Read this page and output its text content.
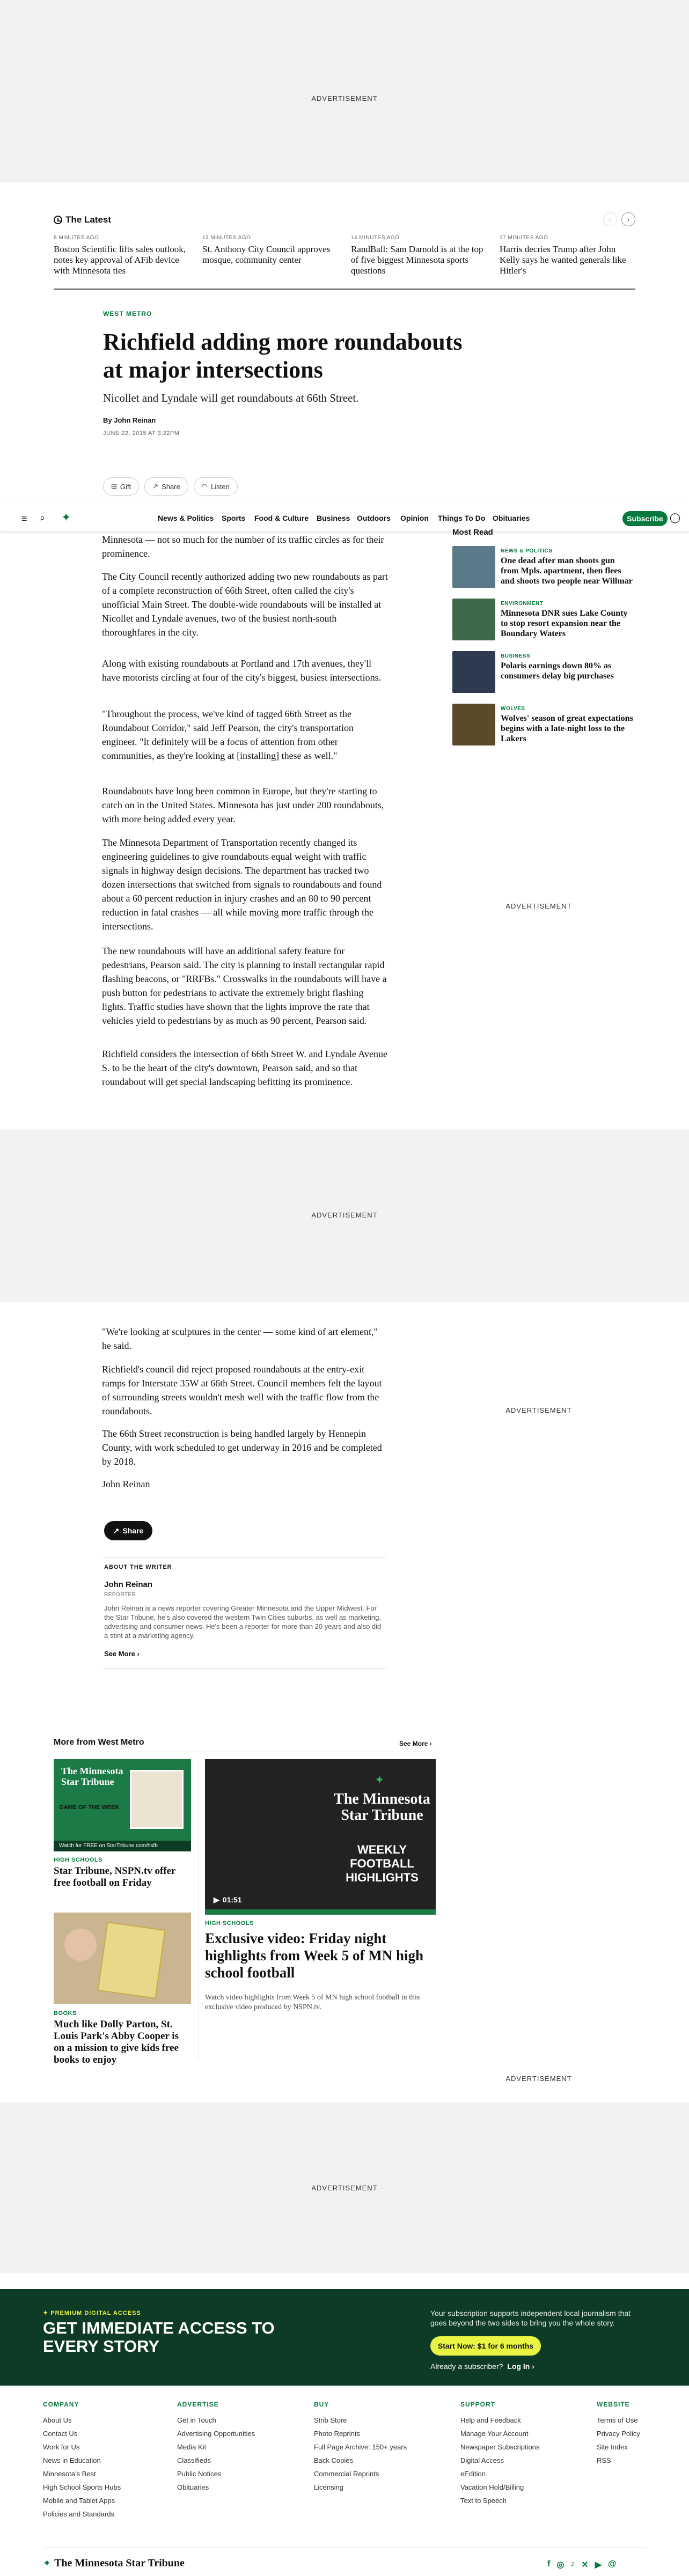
ADVERTISEMENT
The Latest	‹	›
8 MINUTES AGO
Boston Scientific lifts sales outlook, notes key approval of AFib device with Minnesota ties
13 MINUTES AGO
St. Anthony City Council approves mosque, community center
14 MINUTES AGO
RandBall: Sam Darnold is at the top of five biggest Minnesota sports questions
17 MINUTES AGO
Harris decries Trump after John Kelly says he wanted generals like Hitler's
WEST METRO
Richfield adding more roundabouts at major intersections
Nicollet and Lyndale will get roundabouts at 66th Street.
By John Reinan
JUNE 22, 2015 AT 3:22PM
⊞ Gift	↗ Share	◠ Listen
≡ ⌕ ✦	News & Politics Sports Food & Culture Business Outdoors Opinion Things To Do Obituaries	Subscribe ◯
Minnesota — not so much for the number of its traffic circles as for their prominence.
The City Council recently authorized adding two new roundabouts as part of a complete reconstruction of 66th Street, often called the city's unofficial Main Street. The double-wide roundabouts will be installed at Nicollet and Lyndale avenues, two of the busiest north-south thoroughfares in the city.
Along with existing roundabouts at Portland and 17th avenues, they'll have motorists circling at four of the city's biggest, busiest intersections.
"Throughout the process, we've kind of tagged 66th Street as the Roundabout Corridor," said Jeff Pearson, the city's transportation engineer. "It definitely will be a focus of attention from other communities, as they're looking at [installing] these as well."
Roundabouts have long been common in Europe, but they're starting to catch on in the United States. Minnesota has just under 200 roundabouts, with more being added every year.
The Minnesota Department of Transportation recently changed its engineering guidelines to give roundabouts equal weight with traffic signals in highway design decisions. The department has tracked two dozen intersections that switched from signals to roundabouts and found about a 60 percent reduction in injury crashes and an 80 to 90 percent reduction in fatal crashes — all while moving more traffic through the intersections.
The new roundabouts will have an additional safety feature for pedestrians, Pearson said. The city is planning to install rectangular rapid flashing beacons, or "RRFBs." Crosswalks in the roundabouts will have a push button for pedestrians to activate the extremely bright flashing lights. Traffic studies have shown that the lights improve the rate that vehicles yield to pedestrians by as much as 90 percent, Pearson said.
Richfield considers the intersection of 66th Street W. and Lyndale Avenue S. to be the heart of the city's downtown, Pearson said, and so that roundabout will get special landscaping befitting its prominence.
Most Read
NEWS & POLITICS
One dead after man shoots gun from Mpls. apartment, then flees and shoots two people near Willmar
ENVIRONMENT
Minnesota DNR sues Lake County to stop resort expansion near the Boundary Waters
BUSINESS
Polaris earnings down 80% as consumers delay big purchases
WOLVES
Wolves' season of great expectations begins with a late-night loss to the Lakers
ADVERTISEMENT
ADVERTISEMENT
"We're looking at sculptures in the center — some kind of art element," he said.
Richfield's council did reject proposed roundabouts at the entry-exit ramps for Interstate 35W at 66th Street. Council members felt the layout of surrounding streets wouldn't mesh well with the traffic flow from the roundabouts.
The 66th Street reconstruction is being handled largely by Hennepin County, with work scheduled to get underway in 2016 and be completed by 2018.
John Reinan
ADVERTISEMENT
↗ Share
ABOUT THE WRITER
John Reinan
REPORTER
John Reinan is a news reporter covering Greater Minnesota and the Upper Midwest. For the Star Tribune, he's also covered the western Twin Cities suburbs, as well as marketing, advertising and consumer news. He's been a reporter for more than 20 years and also did a stint at a marketing agency.
See More ›
More from West Metro	See More ›
The Minnesota Star Tribune
GAME OF THE WEEK
Watch for FREE on StarTribune.com/hsfb
HIGH SCHOOLS
Star Tribune, NSPN.tv offer free football on Friday
BOOKS
Much like Dolly Parton, St. Louis Park's Abby Cooper is on a mission to give kids free books to enjoy
✦
The Minnesota Star Tribune
WEEKLY FOOTBALL HIGHLIGHTS
▶ 01:51
HIGH SCHOOLS
Exclusive video: Friday night highlights from Week 5 of MN high school football
Watch video highlights from Week 5 of MN high school football in this exclusive video produced by NSPN.tv.
ADVERTISEMENT
ADVERTISEMENT
✦ PREMIUM DIGITAL ACCESS
GET IMMEDIATE ACCESS TO EVERY STORY
Your subscription supports independent local journalism that goes beyond the two sides to bring you the whole story.
Start Now: $1 for 6 months
Already a subscriber? Log In ›
COMPANY
About Us
Contact Us
Work for Us
News in Education
Minnesota's Best
High School Sports Hubs
Mobile and Tablet Apps
Policies and Standards
ADVERTISE
Get in Touch
Advertising Opportunities
Media Kit
Classifieds
Public Notices
Obituaries
BUY
Strib Store
Photo Reprints
Full Page Archive: 150+ years
Back Copies
Commercial Reprints
Licensing
SUPPORT
Help and Feedback
Manage Your Account
Newspaper Subscriptions
Digital Access
eEdition
Vacation Hold/Billing
Text to Speech
WEBSITE
Terms of Use
Privacy Policy
Site Index
RSS
✦ The Minnesota Star Tribune	f ◎ ♪ ✕ ▶ @
